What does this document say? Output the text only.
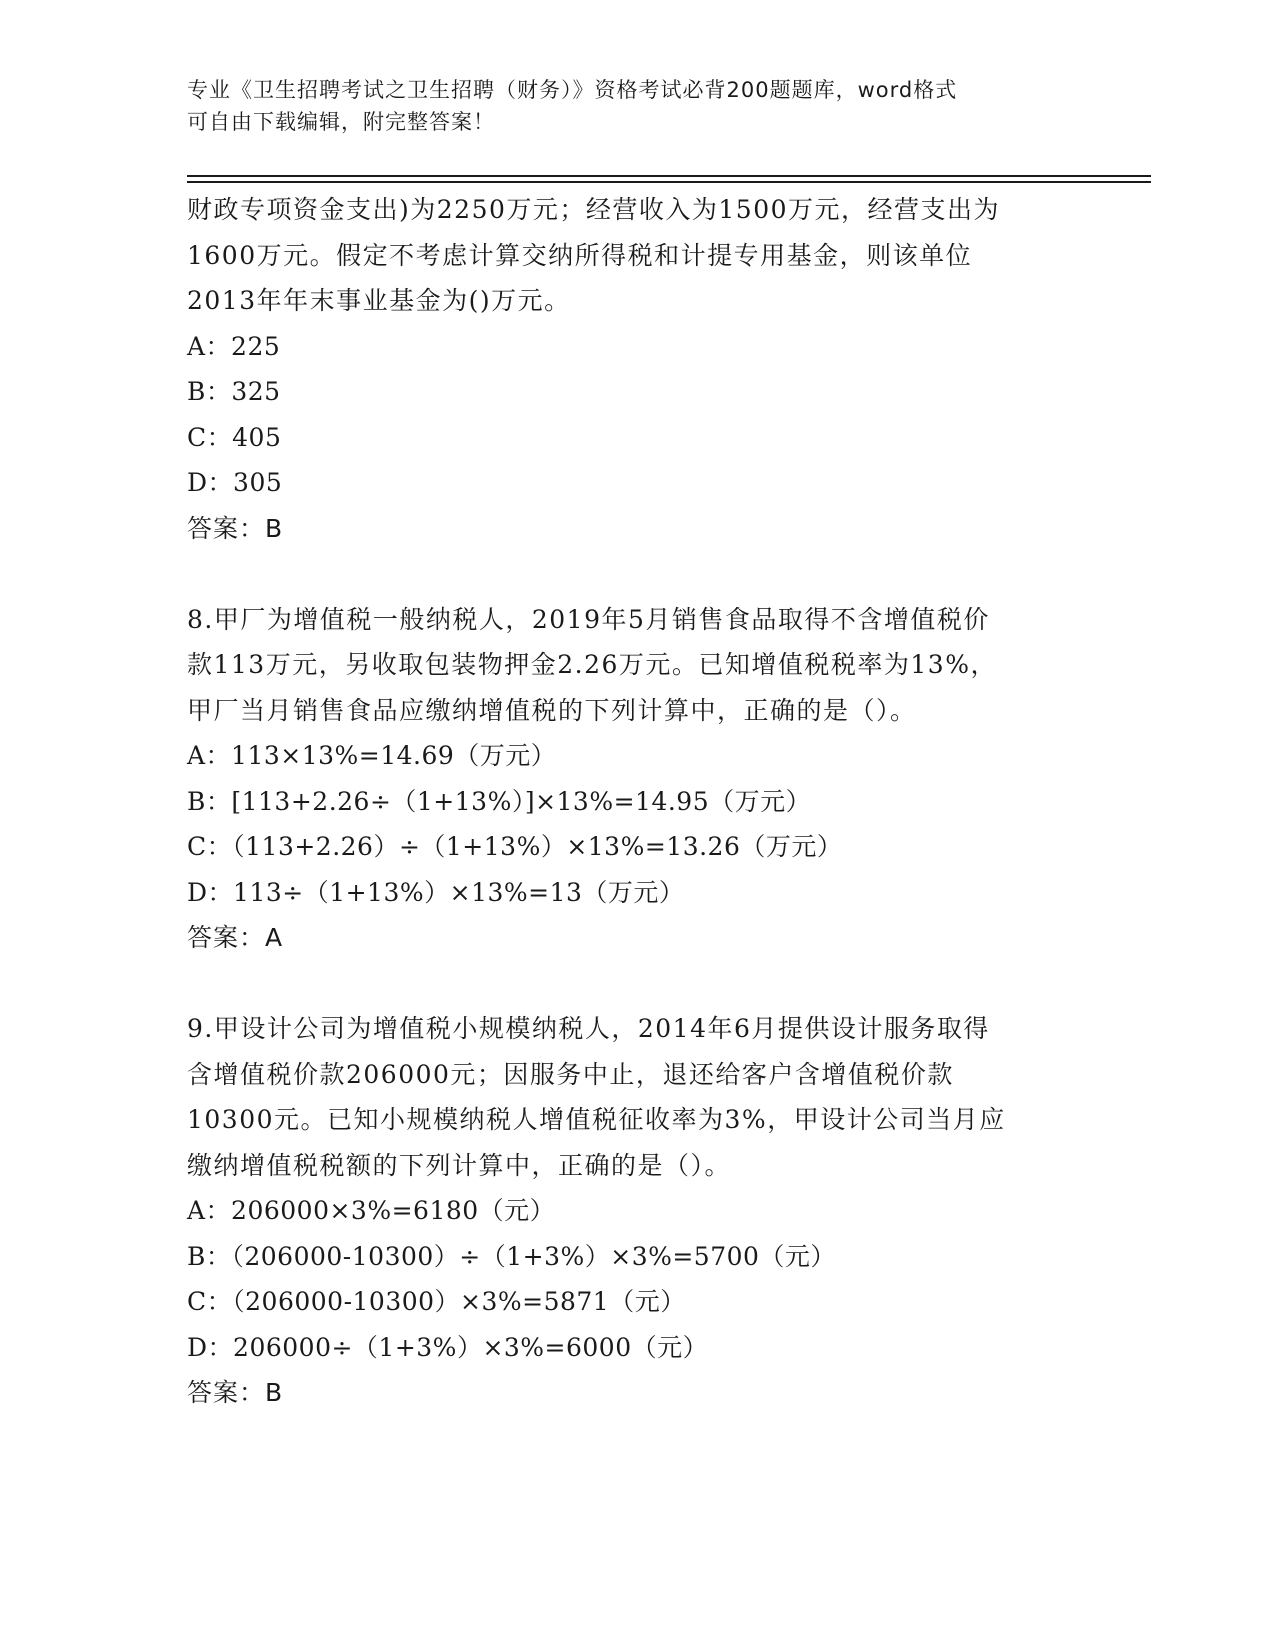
专业《卫生招聘考试之卫生招聘（财务）》资格考试必背200题题库，word格式
可自由下载编辑，附完整答案！
财政专项资金支出)为2250万元；经营收入为1500万元，经营支出为
1600万元。假定不考虑计算交纳所得税和计提专用基金，则该单位
2013年年末事业基金为()万元。
A：225
B：325
C：405
D：305
答案：B
8.甲厂为增值税一般纳税人，2019年5月销售食品取得不含增值税价
款113万元，另收取包装物押金2.26万元。已知增值税税率为13%，
甲厂当月销售食品应缴纳增值税的下列计算中，正确的是（）。
A：113×13%=14.69（万元）
B：[113+2.26÷（1+13%）]×13%=14.95（万元）
C：（113+2.26）÷（1+13%）×13%=13.26（万元）
D：113÷（1+13%）×13%=13（万元）
答案：A
9.甲设计公司为增值税小规模纳税人，2014年6月提供设计服务取得
含增值税价款206000元；因服务中止，退还给客户含增值税价款
10300元。已知小规模纳税人增值税征收率为3%，甲设计公司当月应
缴纳增值税税额的下列计算中，正确的是（）。
A：206000×3%=6180（元）
B：（206000-10300）÷（1+3%）×3%=5700（元）
C：（206000-10300）×3%=5871（元）
D：206000÷（1+3%）×3%=6000（元）
答案：B
